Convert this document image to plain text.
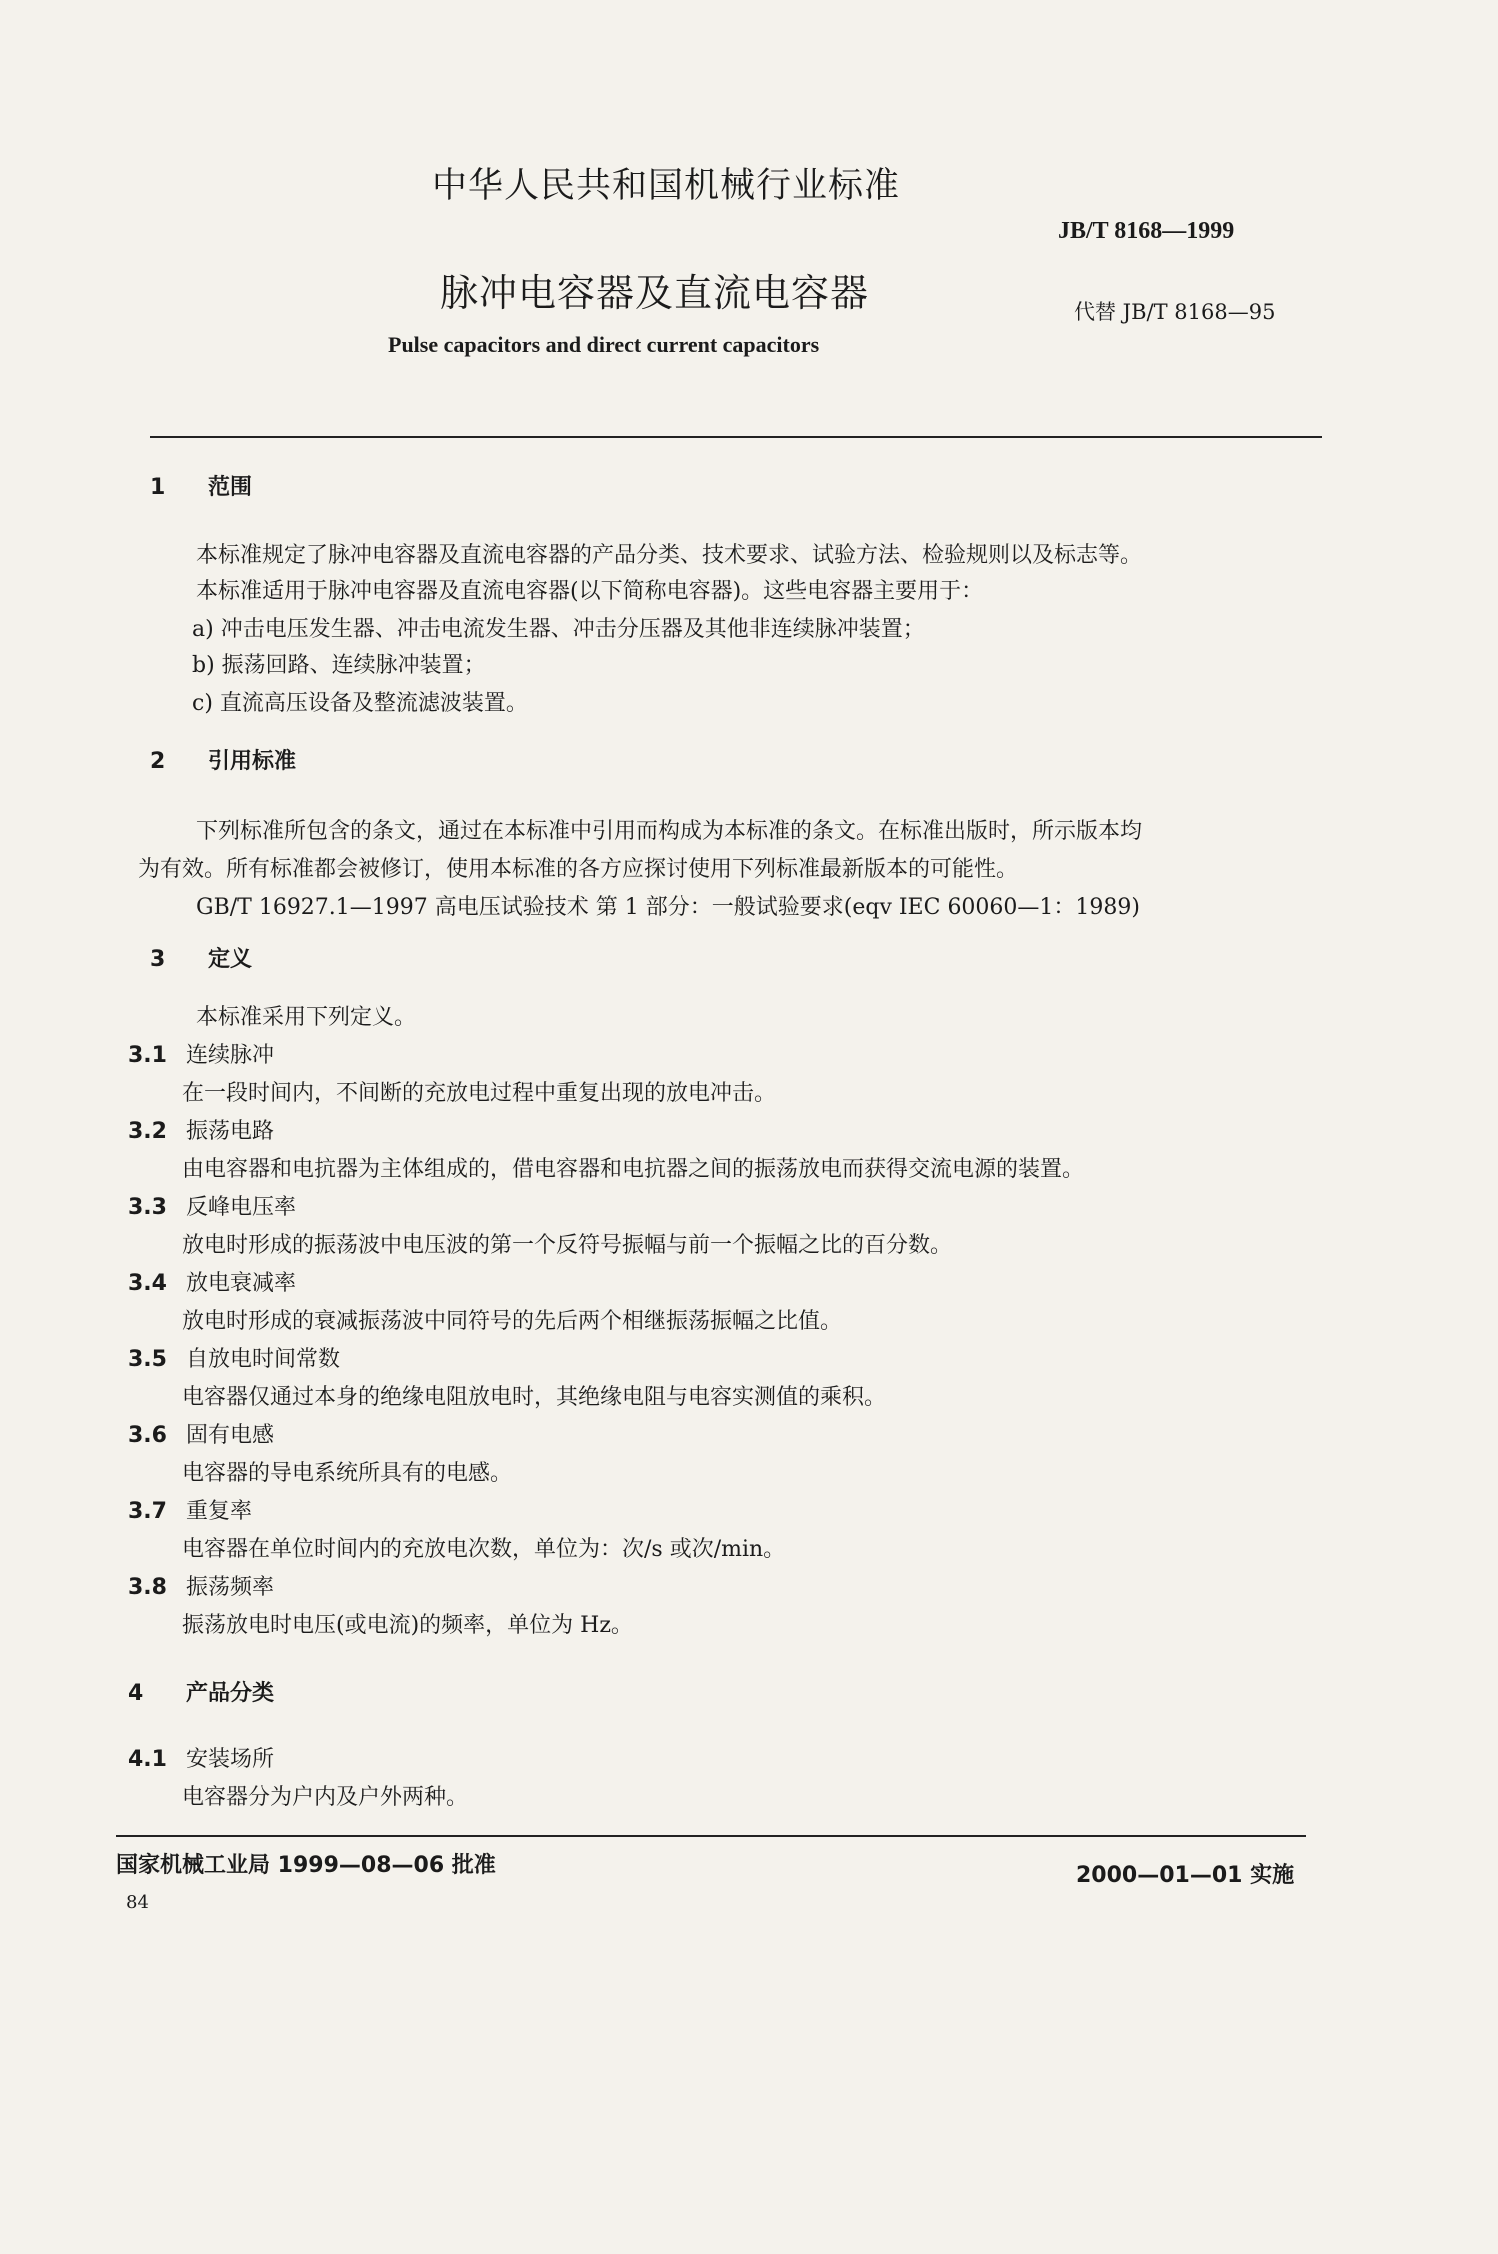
中华人民共和国机械行业标准
JB/T 8168—1999
脉冲电容器及直流电容器	代替 JB/T 8168—95
Pulse capacitors and direct current capacitors
1 范围
本标准规定了脉冲电容器及直流电容器的产品分类、技术要求、试验方法、检验规则以及标志等。
本标准适用于脉冲电容器及直流电容器(以下简称电容器)。这些电容器主要用于：
a) 冲击电压发生器、冲击电流发生器、冲击分压器及其他非连续脉冲装置；
b) 振荡回路、连续脉冲装置；
c) 直流高压设备及整流滤波装置。
2 引用标准
下列标准所包含的条文，通过在本标准中引用而构成为本标准的条文。在标准出版时，所示版本均
为有效。所有标准都会被修订，使用本标准的各方应探讨使用下列标准最新版本的可能性。
GB/T 16927.1—1997 高电压试验技术 第 1 部分：一般试验要求(eqv IEC 60060—1：1989)
3 定义
本标准采用下列定义。
3.1 连续脉冲
在一段时间内，不间断的充放电过程中重复出现的放电冲击。
3.2 振荡电路
由电容器和电抗器为主体组成的，借电容器和电抗器之间的振荡放电而获得交流电源的装置。
3.3 反峰电压率
放电时形成的振荡波中电压波的第一个反符号振幅与前一个振幅之比的百分数。
3.4 放电衰减率
放电时形成的衰减振荡波中同符号的先后两个相继振荡振幅之比值。
3.5 自放电时间常数
电容器仅通过本身的绝缘电阻放电时，其绝缘电阻与电容实测值的乘积。
3.6 固有电感
电容器的导电系统所具有的电感。
3.7 重复率
电容器在单位时间内的充放电次数，单位为：次/s 或次/min。
3.8 振荡频率
振荡放电时电压(或电流)的频率，单位为 Hz。
4 产品分类
4.1 安装场所
电容器分为户内及户外两种。
国家机械工业局 1999—08—06 批准	2000—01—01 实施
84
